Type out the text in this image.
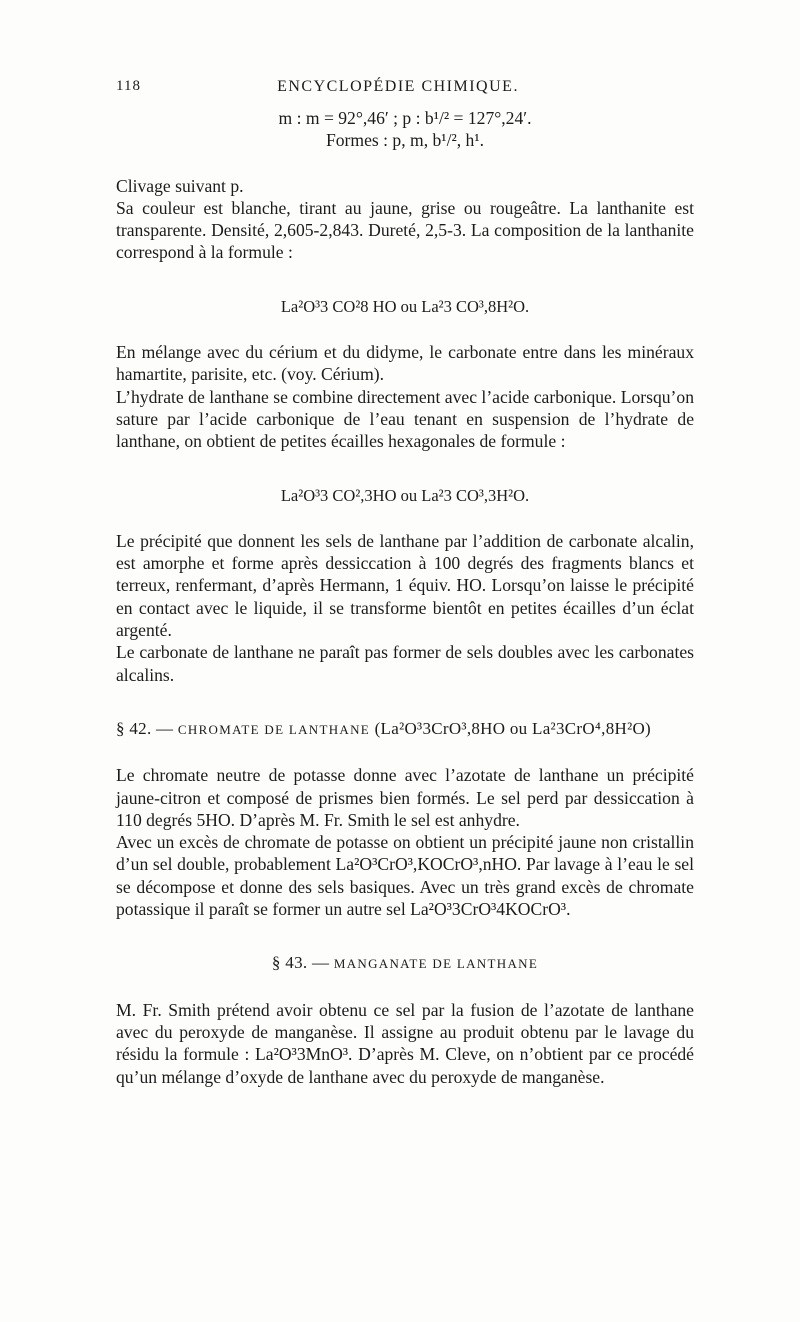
118	ENCYCLOPÉDIE CHIMIQUE.

m : m = 92°,46′ ; p : b¹/² = 127°,24′.

Formes : p, m, b¹/², h¹.

Clivage suivant p.

Sa couleur est blanche, tirant au jaune, grise ou rougeâtre. La lanthanite est transparente. Densité, 2,605-2,843. Dureté, 2,5-3. La composition de la lanthanite correspond à la formule :

La²O³3 CO²8 HO ou La²3 CO³,8H²O.

En mélange avec du cérium et du didyme, le carbonate entre dans les minéraux hamartite, parisite, etc. (voy. Cérium).

L’hydrate de lanthane se combine directement avec l’acide carbonique. Lorsqu’on sature par l’acide carbonique de l’eau tenant en suspension de l’hydrate de lanthane, on obtient de petites écailles hexagonales de formule :

La²O³3 CO²,3HO ou La²3 CO³,3H²O.

Le précipité que donnent les sels de lanthane par l’addition de carbonate alcalin, est amorphe et forme après dessiccation à 100 degrés des fragments blancs et terreux, renfermant, d’après Hermann, 1 équiv. HO. Lorsqu’on laisse le précipité en contact avec le liquide, il se transforme bientôt en petites écailles d’un éclat argenté.

Le carbonate de lanthane ne paraît pas former de sels doubles avec les carbonates alcalins.

§ 42. — CHROMATE DE LANTHANE (La²O³3CrO³,8HO ou La²3CrO⁴,8H²O)

Le chromate neutre de potasse donne avec l’azotate de lanthane un précipité jaune-citron et composé de prismes bien formés. Le sel perd par dessiccation à 110 degrés 5HO. D’après M. Fr. Smith le sel est anhydre.

Avec un excès de chromate de potasse on obtient un précipité jaune non cristallin d’un sel double, probablement La²O³CrO³,KOCrO³,nHO. Par lavage à l’eau le sel se décompose et donne des sels basiques. Avec un très grand excès de chromate potassique il paraît se former un autre sel La²O³3CrO³4KOCrO³.

§ 43. — MANGANATE DE LANTHANE

M. Fr. Smith prétend avoir obtenu ce sel par la fusion de l’azotate de lanthane avec du peroxyde de manganèse. Il assigne au produit obtenu par le lavage du résidu la formule : La²O³3MnO³. D’après M. Cleve, on n’obtient par ce procédé qu’un mélange d’oxyde de lanthane avec du peroxyde de manganèse.
